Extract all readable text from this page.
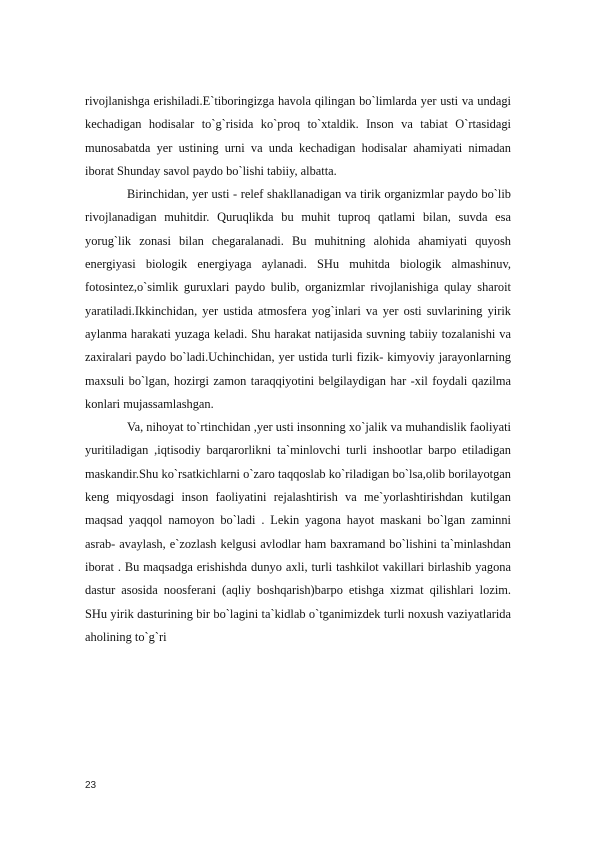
rivojlanishga erishiladi.E`tiboringizga havola qilingan bo`limlarda yer usti va undagi kechadigan hodisalar to`g`risida ko`proq to`xtaldik. Inson va tabiat O`rtasidagi munosabatda yer ustining urni va unda kechadigan hodisalar ahamiyati nimadan iborat Shunday savol paydo bo`lishi tabiiy, albatta.

Birinchidan, yer usti - relef shakllanadigan va tirik organizmlar paydo bo`lib rivojlanadigan muhitdir. Quruqlikda bu muhit tuproq qatlami bilan, suvda esa yorug`lik zonasi bilan chegaralanadi. Bu muhitning alohida ahamiyati quyosh energiyasi biologik energiyaga aylanadi. SHu muhitda biologik almashinuv, fotosintez,o`simlik guruxlari paydo bulib, organizmlar rivojlanishiga qulay sharoit yaratiladi.Ikkinchidan, yer ustida atmosfera yog`inlari va yer osti suvlarining yirik aylanma harakati yuzaga keladi. Shu harakat natijasida suvning tabiiy tozalanishi va zaxiralari paydo bo`ladi.Uchinchidan, yer ustida turli fizik- kimyoviy jarayonlarning maxsuli bo`lgan, hozirgi zamon taraqqiyotini belgilaydigan har -xil foydali qazilma konlari mujassamlashgan.

Va, nihoyat to`rtinchidan ,yer usti insonning xo`jalik va muhandislik faoliyati yuritiladigan ,iqtisodiy barqarorlikni ta`minlovchi turli inshootlar barpo etiladigan maskandir.Shu ko`rsatkichlarni o`zaro taqqoslab ko`riladigan bo`lsa,olib borilayotgan keng miqyosdagi inson faoliyatini rejalashtirish va me`yorlashtirishdan kutilgan maqsad yaqqol namoyon bo`ladi . Lekin yagona hayot maskani bo`lgan zaminni asrab- avaylash, e`zozlash kelgusi avlodlar ham baxramand bo`lishini ta`minlashdan iborat . Bu maqsadga erishishda dunyo axli, turli tashkilot vakillari birlashib yagona dastur asosida noosferani (aqliy boshqarish)barpo etishga xizmat qilishlari lozim. SHu yirik dasturining bir bo`lagini ta`kidlab o`tganimizdek turli noxush vaziyatlarida aholining to`g`ri

23
